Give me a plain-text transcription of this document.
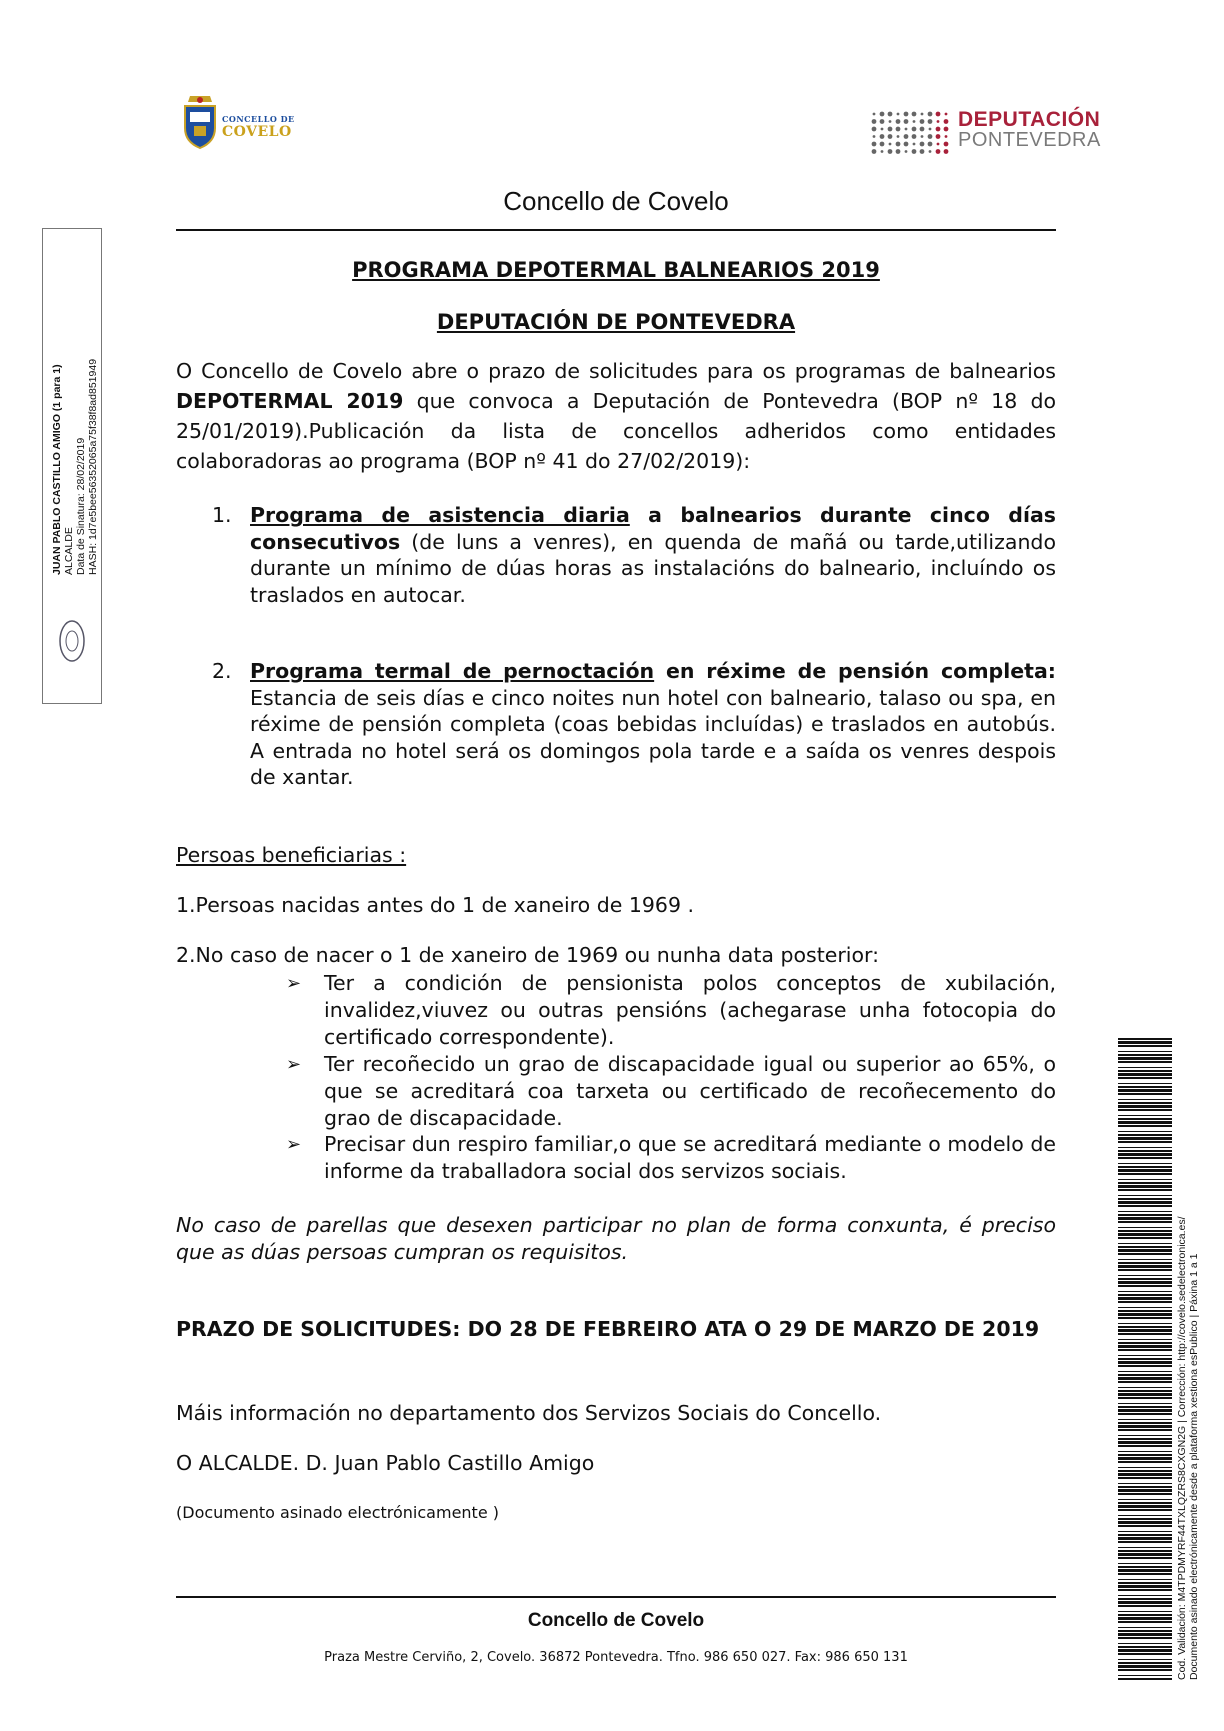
CONCELLO DE
COVELO
DEPUTACIÓN
PONTEVEDRA
Concello de Covelo
JUAN PABLO CASTILLO AMIGO (1 para 1) ALCALDE Data de Sinatura: 28/02/2019 HASH: 1d7e5bee56352065a75f38f8ad851949
PROGRAMA DEPOTERMAL BALNEARIOS 2019
DEPUTACIÓN DE PONTEVEDRA
O Concello de Covelo abre o prazo de solicitudes para os programas de balnearios DEPOTERMAL 2019 que convoca a Deputación de Pontevedra (BOP nº 18 do 25/01/2019).Publicación da lista de concellos adheridos como entidades colaboradoras ao programa (BOP nº 41 do 27/02/2019):
1. Programa de asistencia diaria a balnearios durante cinco días consecutivos (de luns a venres), en quenda de mañá ou tarde,utilizando durante un mínimo de dúas horas as instalacións do balneario, incluíndo os traslados en autocar.
2. Programa termal de pernoctación en réxime de pensión completa: Estancia de seis días e cinco noites nun hotel con balneario, talaso ou spa, en réxime de pensión completa (coas bebidas incluídas) e traslados en autobús. A entrada no hotel será os domingos pola tarde e a saída os venres despois de xantar.
Persoas beneficiarias :
1.Persoas nacidas antes do 1 de xaneiro de 1969 .
2.No caso de nacer o 1 de xaneiro de 1969 ou nunha data posterior:
➢ Ter a condición de pensionista polos conceptos de xubilación, invalidez,viuvez ou outras pensións (achegarase unha fotocopia do certificado correspondente).
➢ Ter recoñecido un grao de discapacidade igual ou superior ao 65%, o que se acreditará coa tarxeta ou certificado de recoñecemento do grao de discapacidade.
➢ Precisar dun respiro familiar,o que se acreditará mediante o modelo de informe da traballadora social dos servizos sociais.
No caso de parellas que desexen participar no plan de forma conxunta, é preciso que as dúas persoas cumpran os requisitos.
PRAZO DE SOLICITUDES: DO 28 DE FEBREIRO ATA O 29 DE MARZO DE 2019
Máis información no departamento dos Servizos Sociais do Concello.
O ALCALDE. D. Juan Pablo Castillo Amigo
(Documento asinado electrónicamente )
Concello de Covelo
Praza Mestre Cerviño, 2, Covelo. 36872 Pontevedra. Tfno. 986 650 027. Fax: 986 650 131	Cod. Validación: M4TPDMYRF44TXLQZRS8CXGN2G | Corrección: http://covelo.sedelectronica.es/ Documento asinado electrónicamente desde a plataforma xestiona esPublico | Páxina 1 a 1
